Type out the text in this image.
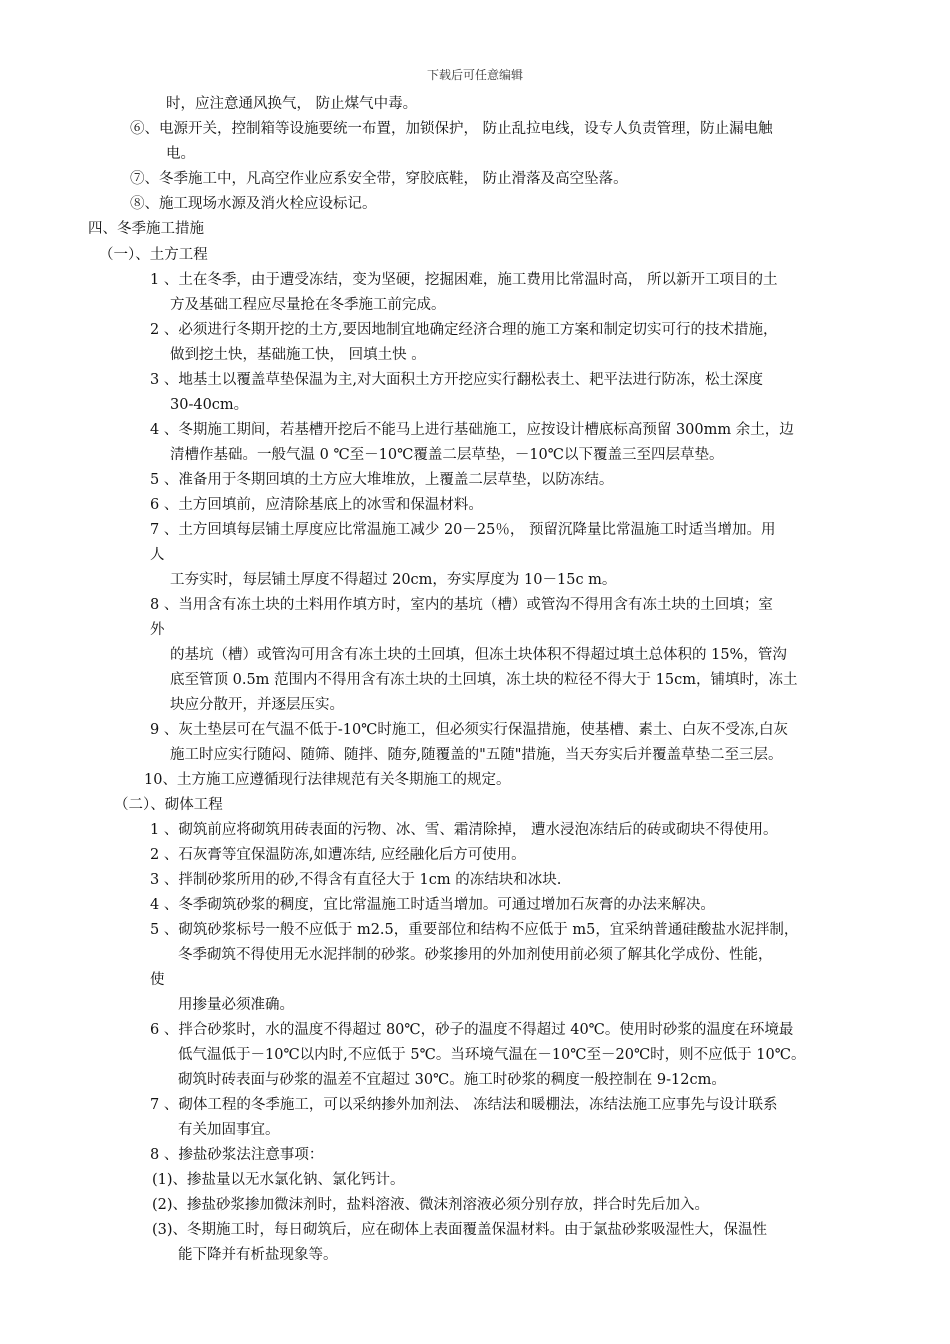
下载后可任意编辑
时，应注意通风换气， 防止煤气中毒。
⑥、电源开关，控制箱等设施要统一布置，加锁保护， 防止乱拉电线，设专人负责管理，防止漏电触
电。
⑦、冬季施工中，凡高空作业应系安全带，穿胶底鞋， 防止滑落及高空坠落。
⑧、施工现场水源及消火栓应设标记。
四、冬季施工措施
（一）、土方工程
1 、土在冬季，由于遭受冻结，变为坚硬，挖掘困难，施工费用比常温时高， 所以新开工项目的土
方及基础工程应尽量抢在冬季施工前完成。
2 、必须进行冬期开挖的土方,要因地制宜地确定经济合理的施工方案和制定切实可行的技术措施，
做到挖土快，基础施工快， 回填土快 。
3 、地基土以覆盖草垫保温为主,对大面积土方开挖应实行翻松表土、耙平法进行防冻，松土深度
30-40cm。
4 、冬期施工期间，若基槽开挖后不能马上进行基础施工，应按设计槽底标高预留 300mm 余土，边
清槽作基础。一般气温 0 ℃至－10℃覆盖二层草垫，－10℃以下覆盖三至四层草垫。
5 、准备用于冬期回填的土方应大堆堆放，上覆盖二层草垫，以防冻结。
6 、土方回填前，应清除基底上的冰雪和保温材料。
7 、土方回填每层铺土厚度应比常温施工减少 20－25％， 预留沉降量比常温施工时适当增加。用
人
工夯实时，每层铺土厚度不得超过 20cm，夯实厚度为 10－15c m。
8 、当用含有冻土块的土料用作填方时，室内的基坑（槽）或管沟不得用含有冻土块的土回填；室
外
的基坑（槽）或管沟可用含有冻土块的土回填，但冻土块体积不得超过填土总体积的 15%，管沟
底至管顶 0.5m 范围内不得用含有冻土块的土回填，冻土块的粒径不得大于 15cm，铺填时，冻土
块应分散开，并逐层压实。
9 、灰土垫层可在气温不低于-10℃时施工，但必须实行保温措施，使基槽、素土、白灰不受冻,白灰
施工时应实行随闷、随筛、随拌、随夯,随覆盖的"五随"措施，当天夯实后并覆盖草垫二至三层。
10、土方施工应遵循现行法律规范有关冬期施工的规定。
（二）、砌体工程
1 、砌筑前应将砌筑用砖表面的污物、冰、雪、霜清除掉， 遭水浸泡冻结后的砖或砌块不得使用。
2 、石灰膏等宜保温防冻,如遭冻结, 应经融化后方可使用。
3 、拌制砂浆所用的砂,不得含有直径大于 1cm 的冻结块和冰块.
4 、冬季砌筑砂浆的稠度，宜比常温施工时适当增加。可通过增加石灰膏的办法来解决。
5 、砌筑砂浆标号一般不应低于 m2.5，重要部位和结构不应低于 m5，宜采纳普通硅酸盐水泥拌制，
冬季砌筑不得使用无水泥拌制的砂浆。砂浆掺用的外加剂使用前必须了解其化学成份、性能，
使
用掺量必须准确。
6 、拌合砂浆时，水的温度不得超过 80℃，砂子的温度不得超过 40℃。使用时砂浆的温度在环境最
低气温低于－10℃以内时,不应低于 5℃。当环境气温在－10℃至－20℃时，则不应低于 10℃。
砌筑时砖表面与砂浆的温差不宜超过 30℃。施工时砂浆的稠度一般控制在 9-12cm。
7 、砌体工程的冬季施工，可以采纳掺外加剂法、 冻结法和暖棚法，冻结法施工应事先与设计联系
有关加固事宜。
8 、掺盐砂浆法注意事项：
(1)、掺盐量以无水氯化钠、氯化钙计。
(2)、掺盐砂浆掺加微沫剂时，盐料溶液、微沫剂溶液必须分别存放，拌合时先后加入。
(3)、冬期施工时，每日砌筑后，应在砌体上表面覆盖保温材料。由于氯盐砂浆吸湿性大，保温性
能下降并有析盐现象等。
